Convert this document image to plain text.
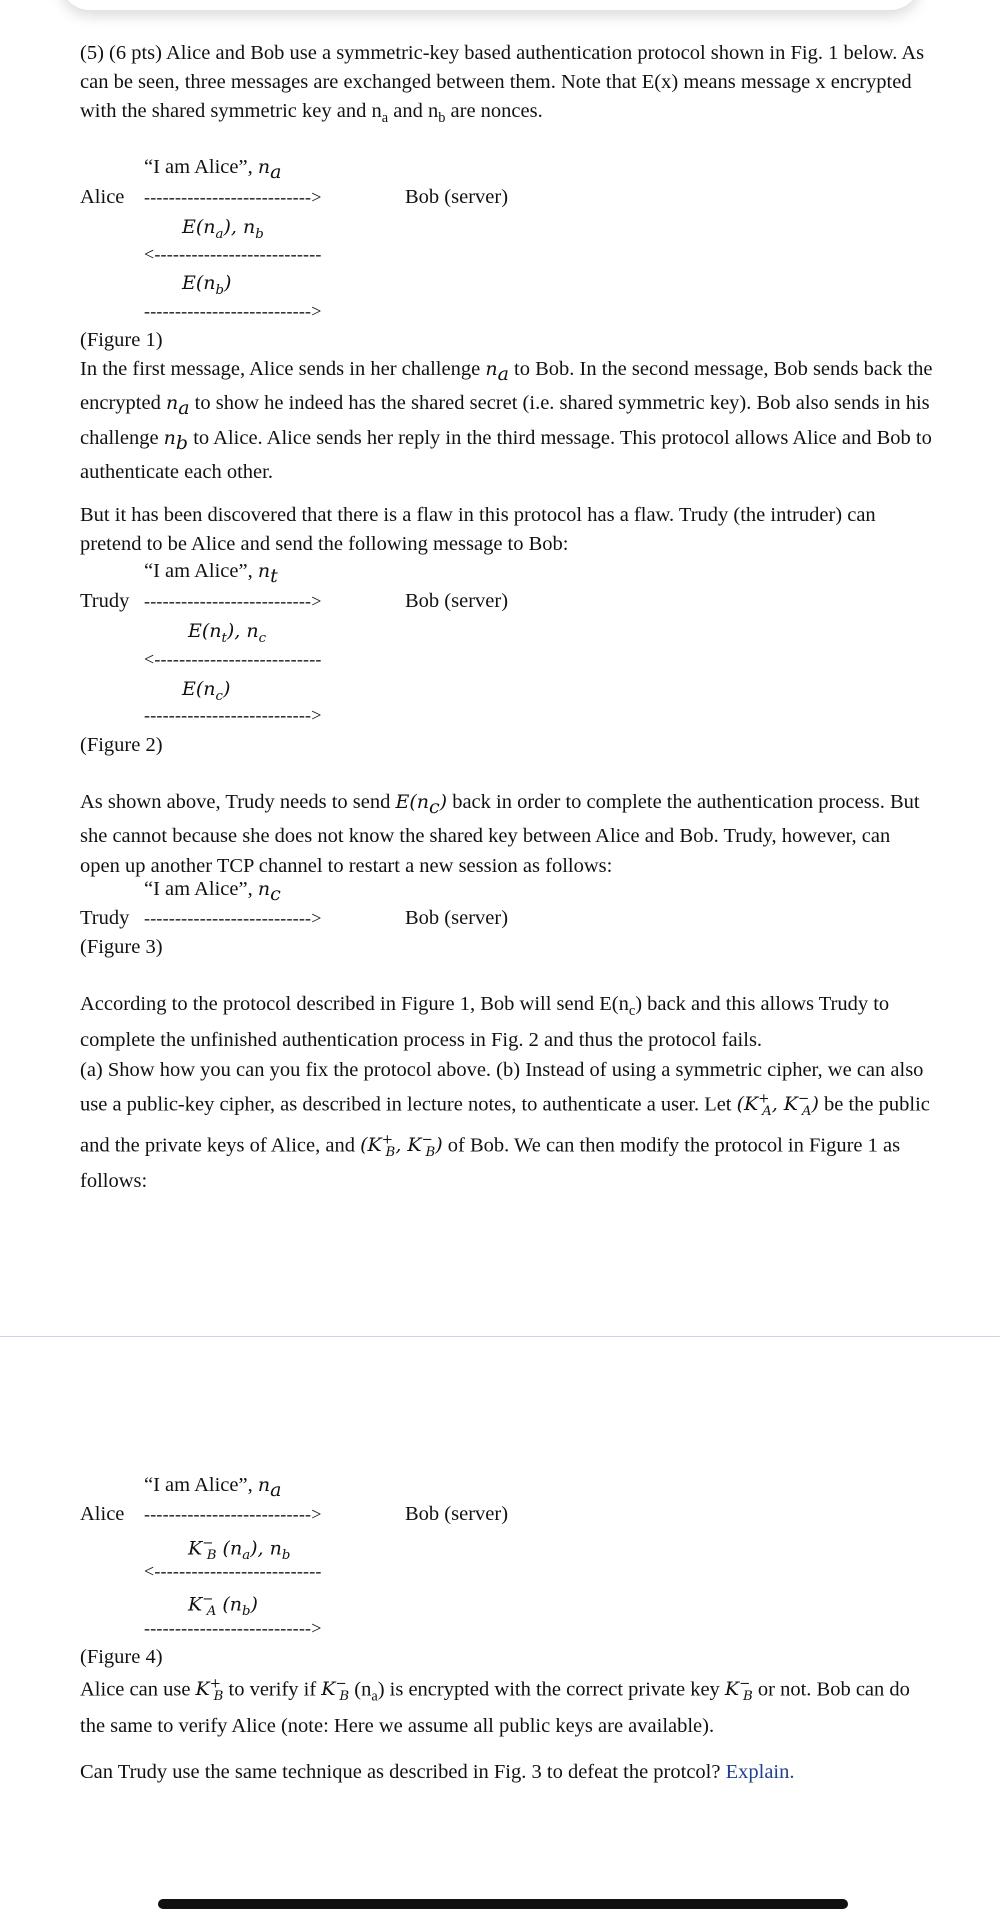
(5) (6 pts) Alice and Bob use a symmetric-key based authentication protocol shown in Fig. 1 below. As can be seen, three messages are exchanged between them. Note that E(x) means message x encrypted with the shared symmetric key and $n_a$ and $n_b$ are nonces.

“I am Alice”, $n_a$
Alice --------------------------->	Bob (server)
$E(n_a)$, $n_b$
<---------------------------
$E(n_b)$
--------------------------->
(Figure 1)

In the first message, Alice sends in her challenge $n_a$ to Bob. In the second message, Bob sends back the encrypted $n_a$ to show he indeed has the shared secret (i.e. shared symmetric key). Bob also sends in his challenge $n_b$ to Alice. Alice sends her reply in the third message. This protocol allows Alice and Bob to authenticate each other.

But it has been discovered that there is a flaw in this protocol has a flaw. Trudy (the intruder) can pretend to be Alice and send the following message to Bob:

“I am Alice”, $n_t$
Trudy --------------------------->	Bob (server)
$E(n_t)$, $n_c$
<---------------------------
$E(n_c)$
--------------------------->
(Figure 2)

As shown above, Trudy needs to send $E(n_c)$ back in order to complete the authentication process. But she cannot because she does not know the shared key between Alice and Bob. Trudy, however, can open up another TCP channel to restart a new session as follows:

“I am Alice”, $n_c$
Trudy --------------------------->	Bob (server)
(Figure 3)

According to the protocol described in Figure 1, Bob will send $E(n_c)$ back and this allows Trudy to complete the unfinished authentication process in Fig. 2 and thus the protocol fails.
(a) Show how you can you fix the protocol above. (b) Instead of using a symmetric cipher, we can also use a public-key cipher, as described in lecture notes, to authenticate a user. Let ($K^+_A$, $K^-_A$) be the public and the private keys of Alice, and ($K^+_B$, $K^-_B$) of Bob. We can then modify the protocol in Figure 1 as follows:

“I am Alice”, $n_a$
Alice --------------------------->	Bob (server)
$K^-_B$ $(n_a)$, $n_b$
<---------------------------
$K^-_A$ $(n_b)$
--------------------------->
(Figure 4)

Alice can use $K^+_B$ to verify if $K^-_B$ $(n_a)$ is encrypted with the correct private key $K^-_B$ or not. Bob can do the same to verify Alice (note: Here we assume all public keys are available).

Can Trudy use the same technique as described in Fig. 3 to defeat the protcol? Explain.
